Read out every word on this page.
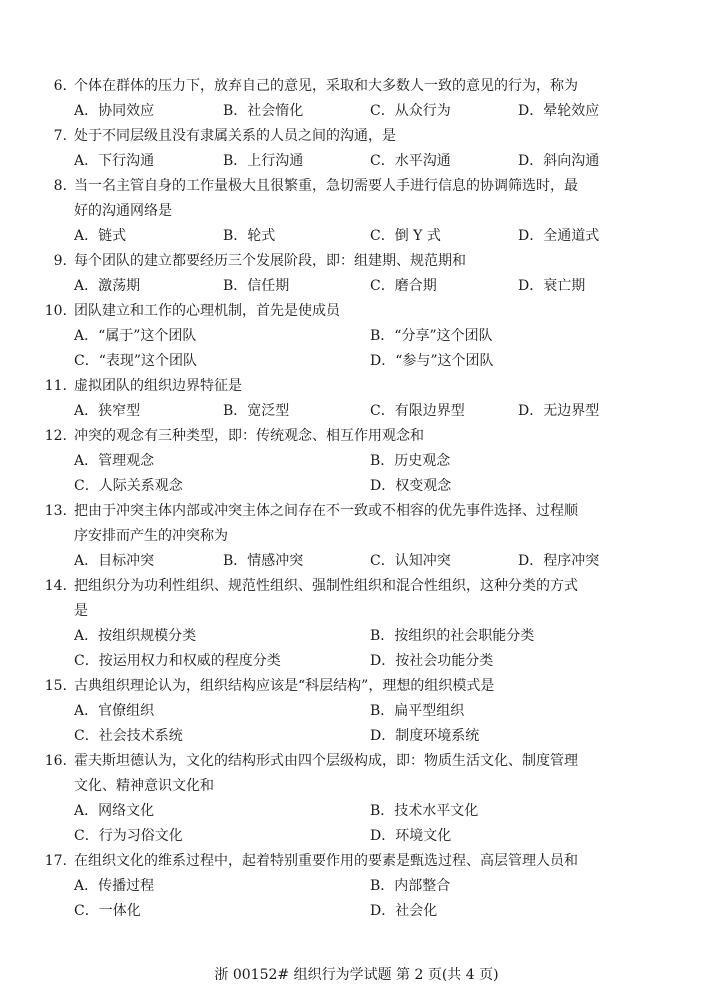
6. 个体在群体的压力下，放弃自己的意见，采取和大多数人一致的意见的行为，称为
A．协同效应	B．社会惰化	C．从众行为	D．晕轮效应
7. 处于不同层级且没有隶属关系的人员之间的沟通，是
A．下行沟通	B．上行沟通	C．水平沟通	D．斜向沟通
8. 当一名主管自身的工作量极大且很繁重，急切需要人手进行信息的协调筛选时，最
好的沟通网络是
A．链式	B．轮式	C．倒 Y 式	D．全通道式
9. 每个团队的建立都要经历三个发展阶段，即：组建期、规范期和
A．激荡期	B．信任期	C．磨合期	D．衰亡期
10. 团队建立和工作的心理机制，首先是使成员
A．“属于”这个团队	B．“分享”这个团队
C．“表现”这个团队	D．“参与”这个团队
11. 虚拟团队的组织边界特征是
A．狭窄型	B．宽泛型	C．有限边界型	D．无边界型
12. 冲突的观念有三种类型，即：传统观念、相互作用观念和
A．管理观念	B．历史观念
C．人际关系观念	D．权变观念
13. 把由于冲突主体内部或冲突主体之间存在不一致或不相容的优先事件选择、过程顺
序安排而产生的冲突称为
A．目标冲突	B．情感冲突	C．认知冲突	D．程序冲突
14. 把组织分为功利性组织、规范性组织、强制性组织和混合性组织，这种分类的方式
是
A．按组织规模分类	B．按组织的社会职能分类
C．按运用权力和权威的程度分类	D．按社会功能分类
15. 古典组织理论认为，组织结构应该是“科层结构”，理想的组织模式是
A．官僚组织	B．扁平型组织
C．社会技术系统	D．制度环境系统
16. 霍夫斯坦德认为，文化的结构形式由四个层级构成，即：物质生活文化、制度管理
文化、精神意识文化和
A．网络文化	B．技术水平文化
C．行为习俗文化	D．环境文化
17. 在组织文化的维系过程中，起着特别重要作用的要素是甄选过程、高层管理人员和
A．传播过程	B．内部整合
C．一体化	D．社会化
浙 00152# 组织行为学试题 第 2 页(共 4 页)
